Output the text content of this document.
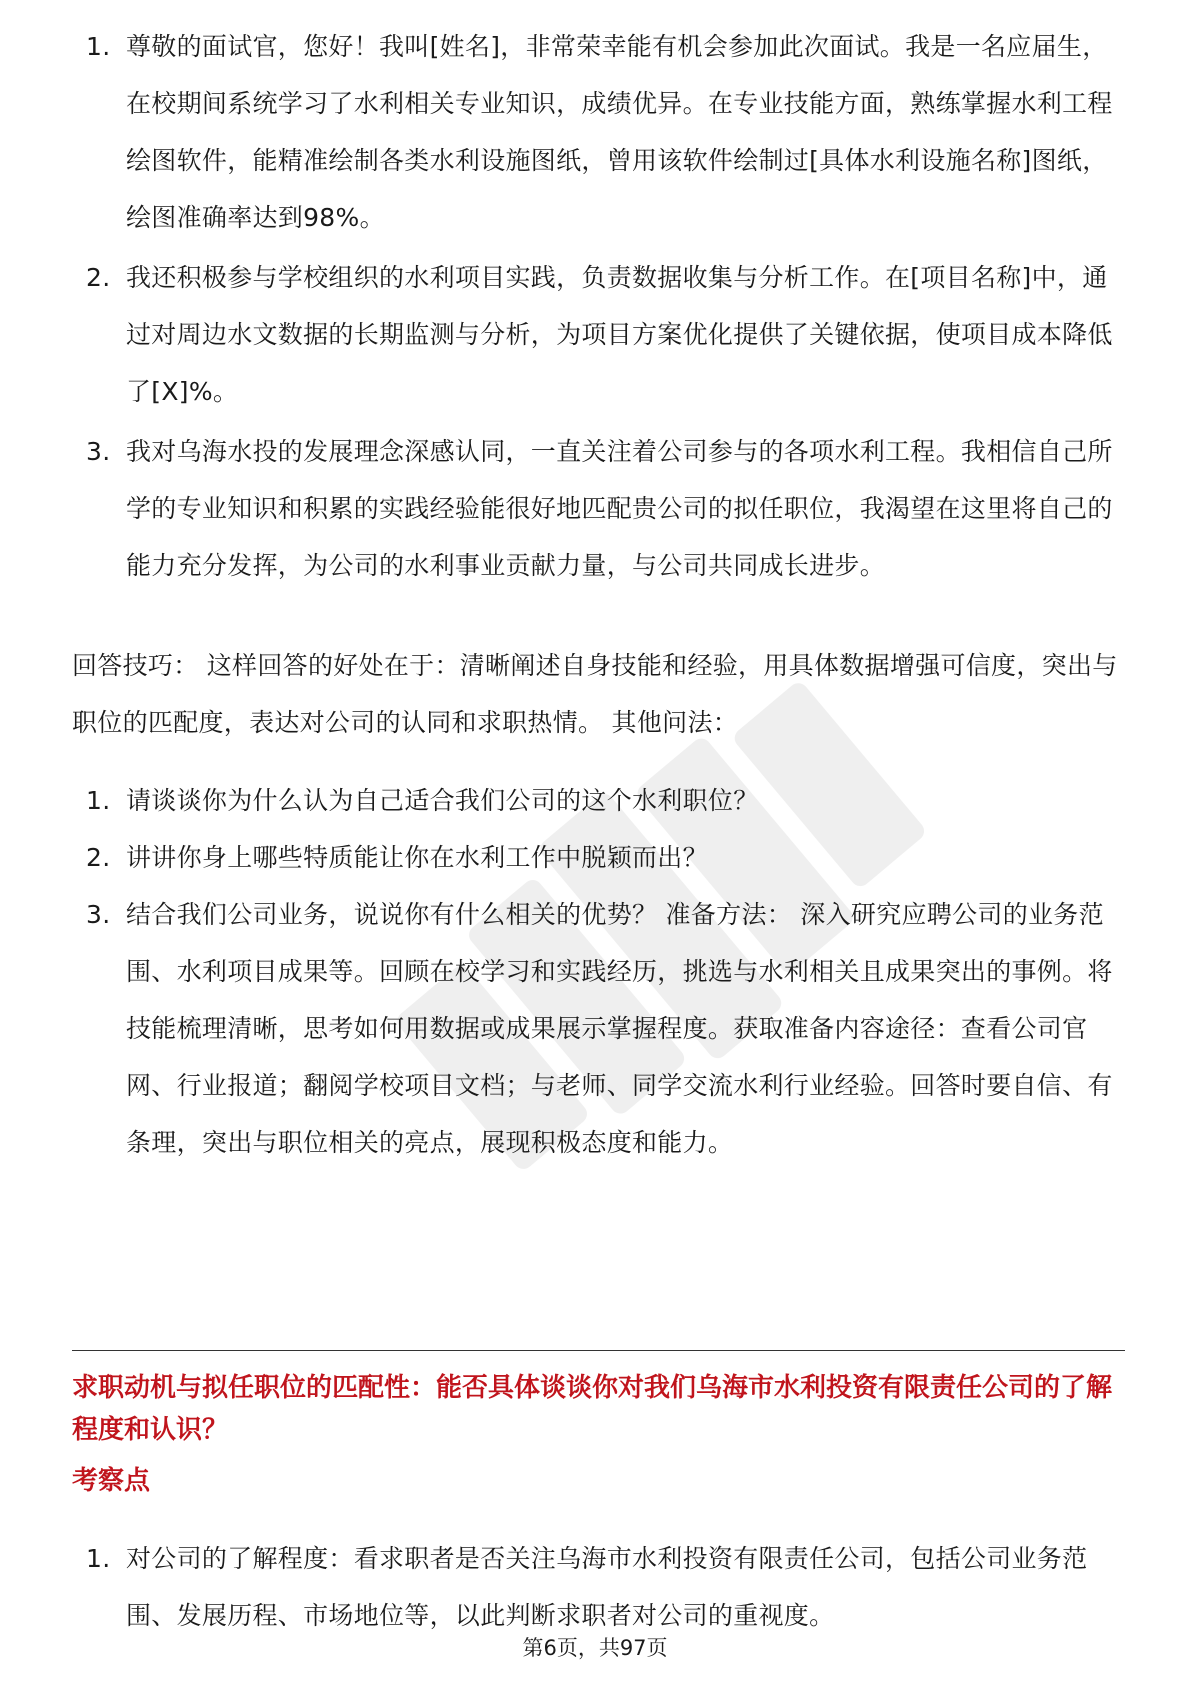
1. 尊敬的面试官，您好！我叫[姓名]，非常荣幸能有机会参加此次面试。我是一名应届生，在校期间系统学习了水利相关专业知识，成绩优异。在专业技能方面，熟练掌握水利工程绘图软件，能精准绘制各类水利设施图纸，曾用该软件绘制过[具体水利设施名称]图纸，绘图准确率达到98%。
2. 我还积极参与学校组织的水利项目实践，负责数据收集与分析工作。在[项目名称]中，通过对周边水文数据的长期监测与分析，为项目方案优化提供了关键依据，使项目成本降低了[X]%。
3. 我对乌海水投的发展理念深感认同，一直关注着公司参与的各项水利工程。我相信自己所学的专业知识和积累的实践经验能很好地匹配贵公司的拟任职位，我渴望在这里将自己的能力充分发挥，为公司的水利事业贡献力量，与公司共同成长进步。

回答技巧： 这样回答的好处在于：清晰阐述自身技能和经验，用具体数据增强可信度，突出与职位的匹配度，表达对公司的认同和求职热情。 其他问法：

1. 请谈谈你为什么认为自己适合我们公司的这个水利职位？
2. 讲讲你身上哪些特质能让你在水利工作中脱颖而出？
3. 结合我们公司业务，说说你有什么相关的优势？ 准备方法： 深入研究应聘公司的业务范围、水利项目成果等。回顾在校学习和实践经历，挑选与水利相关且成果突出的事例。将技能梳理清晰，思考如何用数据或成果展示掌握程度。获取准备内容途径：查看公司官网、行业报道；翻阅学校项目文档；与老师、同学交流水利行业经验。回答时要自信、有条理，突出与职位相关的亮点，展现积极态度和能力。
求职动机与拟任职位的匹配性：能否具体谈谈你对我们乌海市水利投资有限责任公司的了解程度和认识？
考察点
1. 对公司的了解程度：看求职者是否关注乌海市水利投资有限责任公司，包括公司业务范围、发展历程、市场地位等，以此判断求职者对公司的重视度。
第6页，共97页
